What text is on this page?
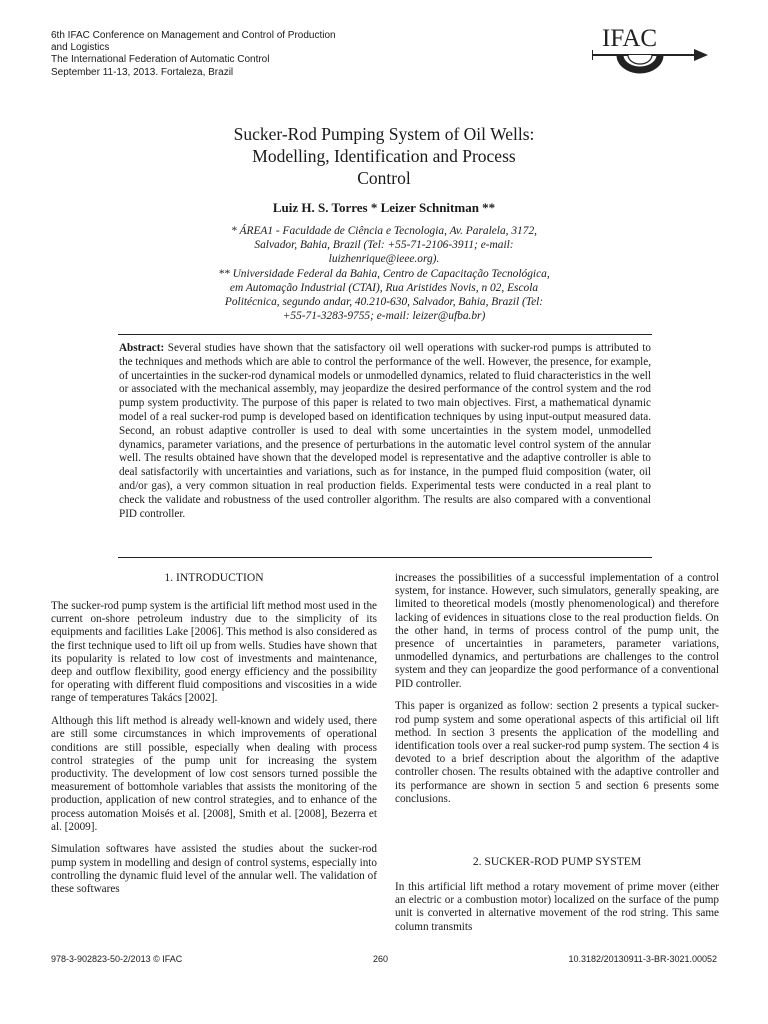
6th IFAC Conference on Management and Control of Production
and Logistics
The International Federation of Automatic Control
September 11-13, 2013. Fortaleza, Brazil
IFAC
Sucker-Rod Pumping System of Oil Wells:
Modelling, Identification and Process
Control
Luiz H. S. Torres * Leizer Schnitman **
* ÁREA1 - Faculdade de Ciência e Tecnologia, Av. Paralela, 3172,
Salvador, Bahia, Brazil (Tel: +55-71-2106-3911; e-mail:
luizhenrique@ieee.org).
** Universidade Federal da Bahia, Centro de Capacitação Tecnológica,
em Automação Industrial (CTAI), Rua Aristides Novis, n 02, Escola
Politécnica, segundo andar, 40.210-630, Salvador, Bahia, Brazil (Tel:
+55-71-3283-9755; e-mail: leizer@ufba.br)
Abstract: Several studies have shown that the satisfactory oil well operations with sucker-rod pumps is attributed to the techniques and methods which are able to control the performance of the well. However, the presence, for example, of uncertainties in the sucker-rod dynamical models or unmodelled dynamics, related to fluid characteristics in the well or associated with the mechanical assembly, may jeopardize the desired performance of the control system and the rod pump system productivity. The purpose of this paper is related to two main objectives. First, a mathematical dynamic model of a real sucker-rod pump is developed based on identification techniques by using input-output measured data. Second, an robust adaptive controller is used to deal with some uncertainties in the system model, unmodelled dynamics, parameter variations, and the presence of perturbations in the automatic level control system of the annular well. The results obtained have shown that the developed model is representative and the adaptive controller is able to deal satisfactorily with uncertainties and variations, such as for instance, in the pumped fluid composition (water, oil and/or gas), a very common situation in real production fields. Experimental tests were conducted in a real plant to check the validate and robustness of the used controller algorithm. The results are also compared with a conventional PID controller.
1. INTRODUCTION

The sucker-rod pump system is the artificial lift method most used in the current on-shore petroleum industry due to the simplicity of its equipments and facilities Lake [2006]. This method is also considered as the first technique used to lift oil up from wells. Studies have shown that its popularity is related to low cost of investments and maintenance, deep and outflow flexibility, good energy efficiency and the possibility for operating with different fluid compositions and viscosities in a wide range of temperatures Takács [2002].

Although this lift method is already well-known and widely used, there are still some circumstances in which improvements of operational conditions are still possible, especially when dealing with process control strategies of the pump unit for increasing the system productivity. The development of low cost sensors turned possible the measurement of bottomhole variables that assists the monitoring of the production, application of new control strategies, and to enhance of the process automation Moisés et al. [2008], Smith et al. [2008], Bezerra et al. [2009].

Simulation softwares have assisted the studies about the sucker-rod pump system in modelling and design of control systems, especially into controlling the dynamic fluid level of the annular well. The validation of these softwares

increases the possibilities of a successful implementation of a control system, for instance. However, such simulators, generally speaking, are limited to theoretical models (mostly phenomenological) and therefore lacking of evidences in situations close to the real production fields. On the other hand, in terms of process control of the pump unit, the presence of uncertainties in parameters, parameter variations, unmodelled dynamics, and perturbations are challenges to the control system and they can jeopardize the good performance of a conventional PID controller.

This paper is organized as follow: section 2 presents a typical sucker-rod pump system and some operational aspects of this artificial oil lift method. In section 3 presents the application of the modelling and identification tools over a real sucker-rod pump system. The section 4 is devoted to a brief description about the algorithm of the adaptive controller chosen. The results obtained with the adaptive controller and its performance are shown in section 5 and section 6 presents some conclusions.

2. SUCKER-ROD PUMP SYSTEM
In this artificial lift method a rotary movement of prime mover (either an electric or a combustion motor) localized on the surface of the pump unit is converted in alternative movement of the rod string. This same column transmits
978-3-902823-50-2/2013 © IFAC	260	10.3182/20130911-3-BR-3021.00052
